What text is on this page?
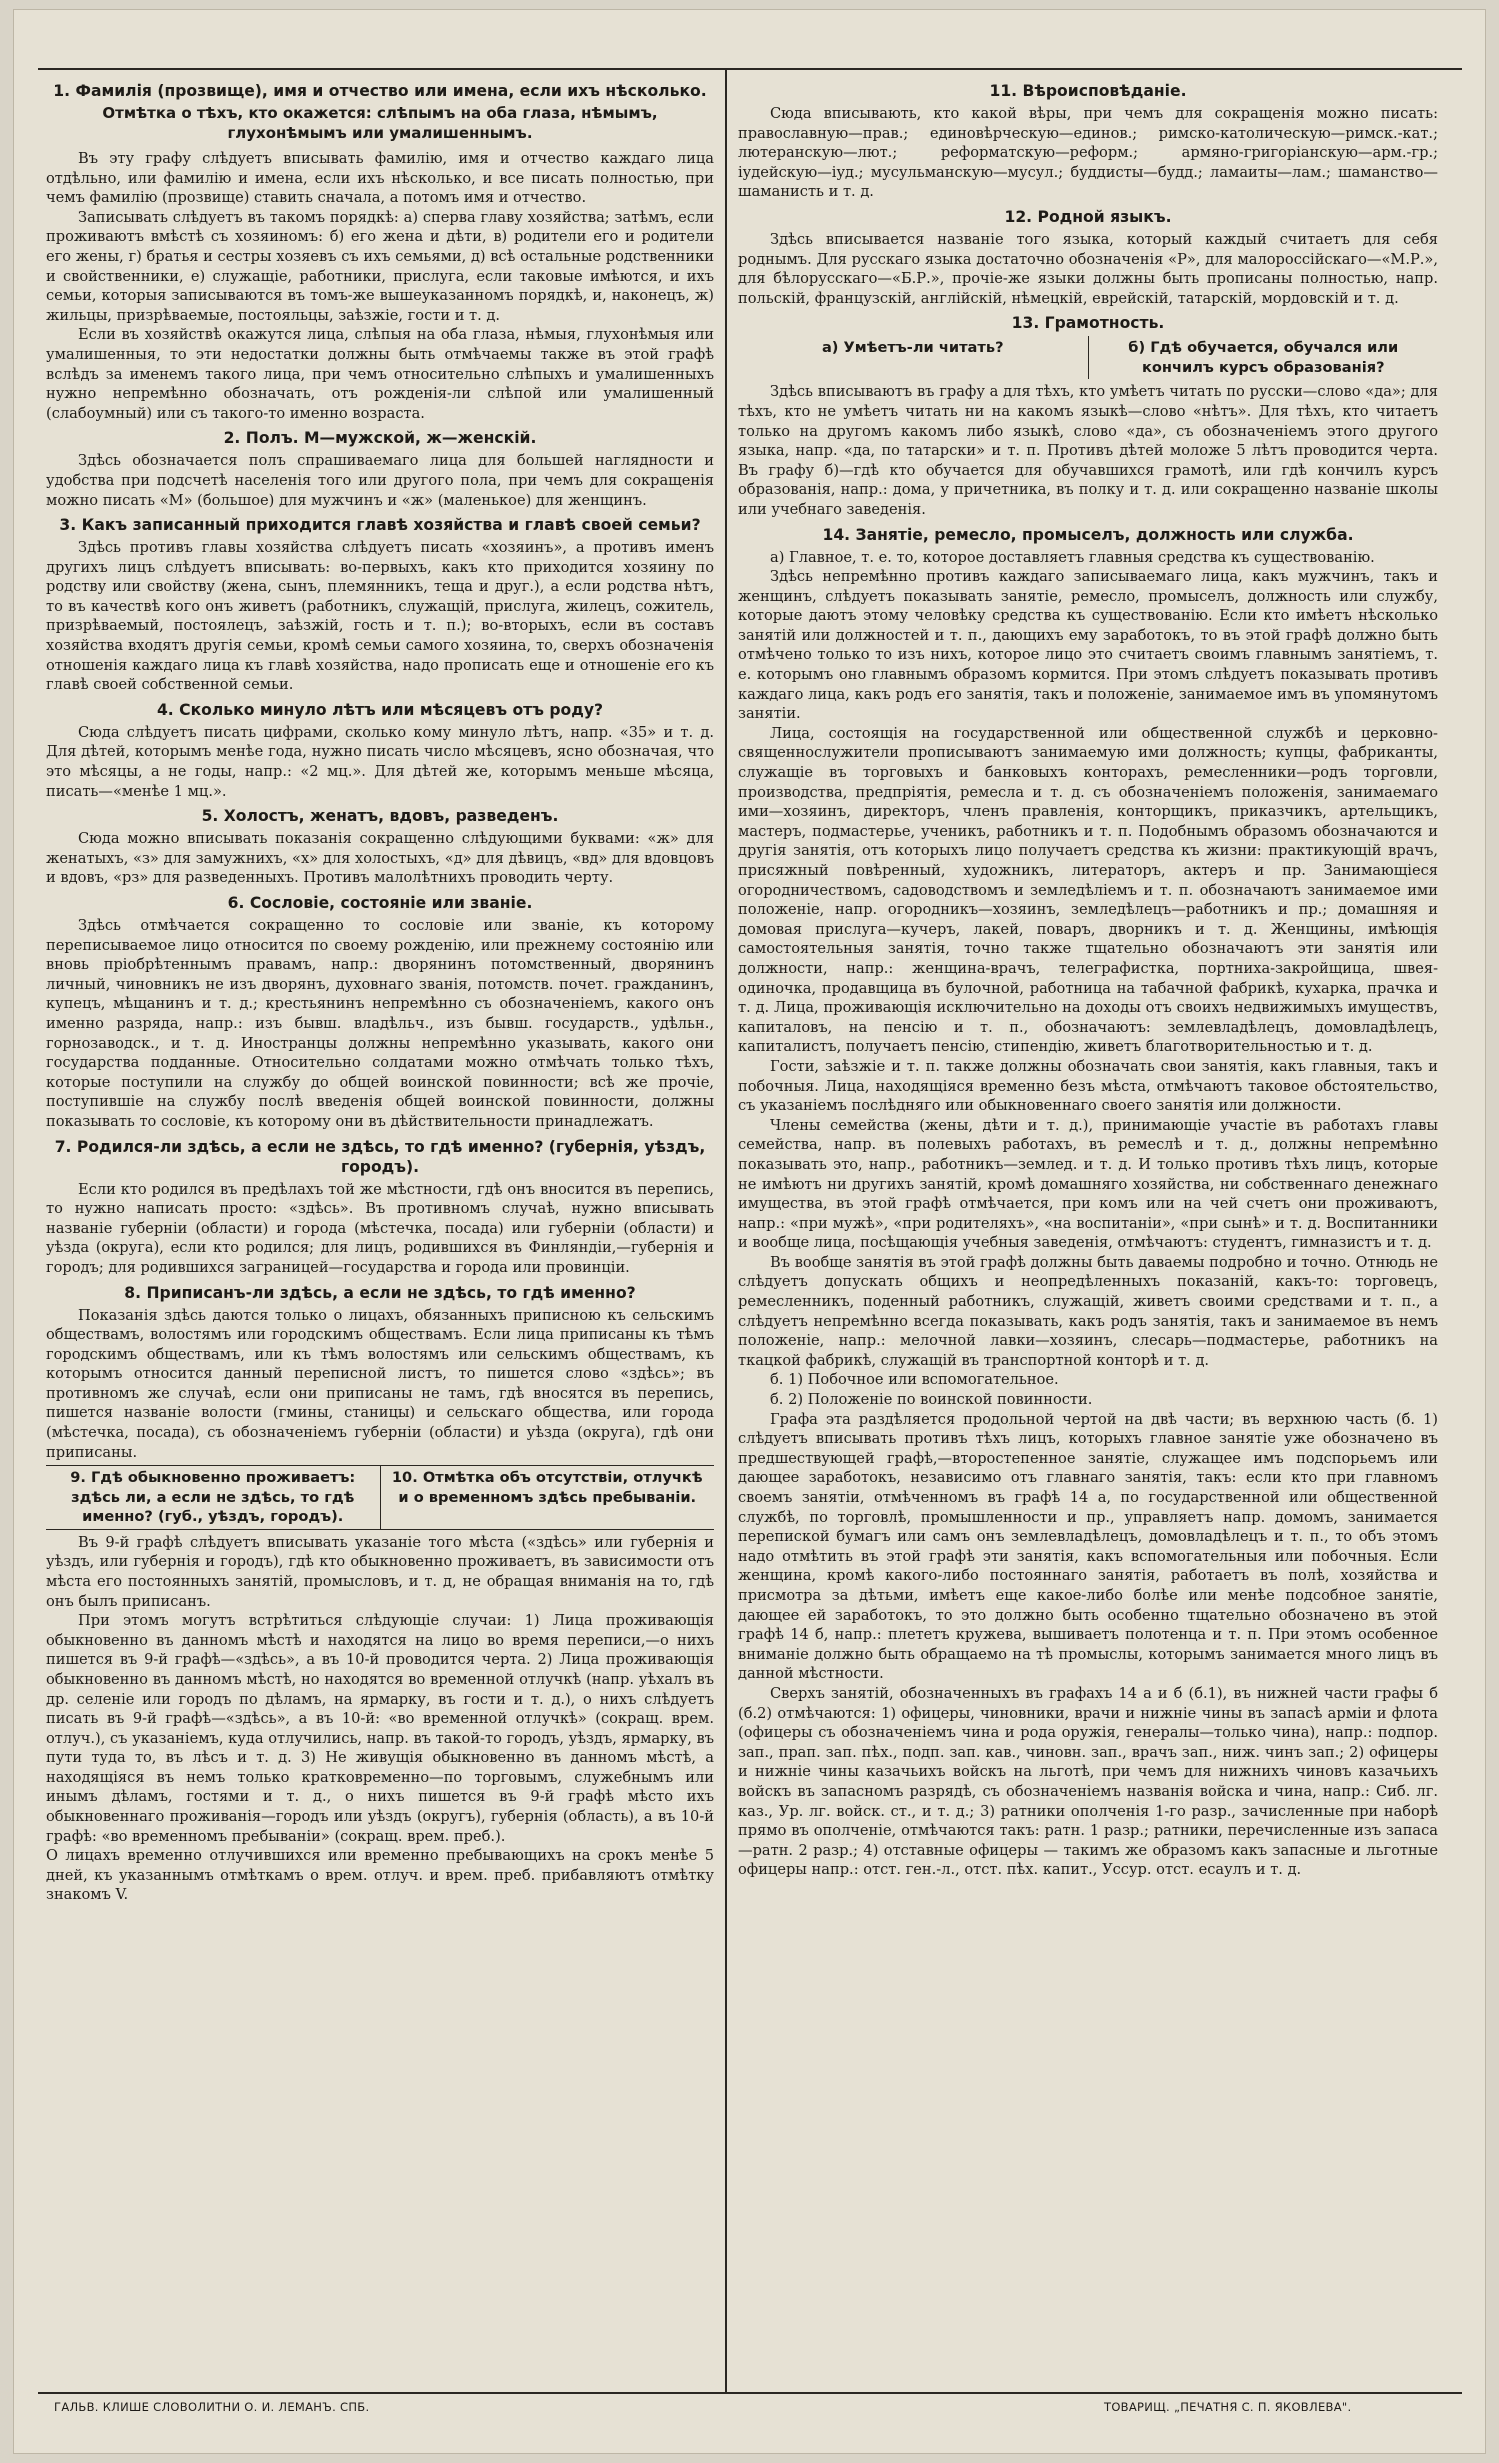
1. Фамилія (прозвище), имя и отчество или имена, если ихъ нѣсколько.
Отмѣтка о тѣхъ, кто окажется: слѣпымъ на оба глаза, нѣмымъ, глухонѣмымъ или умалишеннымъ.

Въ эту графу слѣдуетъ вписывать фамилію, имя и отчество каждаго лица отдѣльно, или фамилію и имена, если ихъ нѣсколько, и все писать полностью, при чемъ фамилію (прозвище) ставить сначала, а потомъ имя и отчество.

Записывать слѣдуетъ въ такомъ порядкѣ: а) сперва главу хозяйства; затѣмъ, если проживаютъ вмѣстѣ съ хозяиномъ: б) его жена и дѣти, в) родители его и родители его жены, г) братья и сестры хозяевъ съ ихъ семьями, д) всѣ остальные родственники и свойственники, е) служащіе, работники, прислуга, если таковые имѣются, и ихъ семьи, которыя записываются въ томъ-же вышеуказанномъ порядкѣ, и, наконецъ, ж) жильцы, призрѣваемые, постояльцы, заѣзжіе, гости и т. д.

Если въ хозяйствѣ окажутся лица, слѣпыя на оба глаза, нѣмыя, глухонѣмыя или умалишенныя, то эти недостатки должны быть отмѣчаемы также въ этой графѣ вслѣдъ за именемъ такого лица, при чемъ относительно слѣпыхъ и умалишенныхъ нужно непремѣнно обозначать, отъ рожденія-ли слѣпой или умалишенный (слабоумный) или съ такого-то именно возраста.

2. Полъ. М—мужской, ж—женскій.

Здѣсь обозначается полъ спрашиваемаго лица для большей наглядности и удобства при подсчетѣ населенія того или другого пола, при чемъ для сокращенія можно писать «М» (большое) для мужчинъ и «ж» (маленькое) для женщинъ.

3. Какъ записанный приходится главѣ хозяйства и главѣ своей семьи?

Здѣсь противъ главы хозяйства слѣдуетъ писать «хозяинъ», а противъ именъ другихъ лицъ слѣдуетъ вписывать: во-первыхъ, какъ кто приходится хозяину по родству или свойству (жена, сынъ, племянникъ, теща и друг.), а если родства нѣтъ, то въ качествѣ кого онъ живетъ (работникъ, служащій, прислуга, жилецъ, сожитель, призрѣваемый, постоялецъ, заѣзжій, гость и т. п.); во-вторыхъ, если въ составъ хозяйства входятъ другія семьи, кромѣ семьи самого хозяина, то, сверхъ обозначенія отношенія каждаго лица къ главѣ хозяйства, надо прописать еще и отношеніе его къ главѣ своей собственной семьи.

4. Сколько минуло лѣтъ или мѣсяцевъ отъ роду?

Сюда слѣдуетъ писать цифрами, сколько кому минуло лѣтъ, напр. «35» и т. д. Для дѣтей, которымъ менѣе года, нужно писать число мѣсяцевъ, ясно обозначая, что это мѣсяцы, а не годы, напр.: «2 мц.». Для дѣтей же, которымъ меньше мѣсяца, писать—«менѣе 1 мц.».

5. Холостъ, женатъ, вдовъ, разведенъ.

Сюда можно вписывать показанія сокращенно слѣдующими буквами: «ж» для женатыхъ, «з» для замужнихъ, «х» для холостыхъ, «д» для дѣвицъ, «вд» для вдовцовъ и вдовъ, «рз» для разведенныхъ. Противъ малолѣтнихъ проводить черту.

6. Сословіе, состояніе или званіе.

Здѣсь отмѣчается сокращенно то сословіе или званіе, къ которому переписываемое лицо относится по своему рожденію, или прежнему состоянію или вновь пріобрѣтеннымъ правамъ, напр.: дворянинъ потомственный, дворянинъ личный, чиновникъ не изъ дворянъ, духовнаго званія, потомств. почет. гражданинъ, купецъ, мѣщанинъ и т. д.; крестьянинъ непремѣнно съ обозначеніемъ, какого онъ именно разряда, напр.: изъ бывш. владѣльч., изъ бывш. государств., удѣльн., горнозаводск., и т. д. Иностранцы должны непремѣнно указывать, какого они государства подданные. Относительно солдатами можно отмѣчать только тѣхъ, которые поступили на службу до общей воинской повинности; всѣ же прочіе, поступившіе на службу послѣ введенія общей воинской повинности, должны показывать то сословіе, къ которому они въ дѣйствительности принадлежатъ.

7. Родился-ли здѣсь, а если не здѣсь, то гдѣ именно? (губернія, уѣздъ, городъ).

Если кто родился въ предѣлахъ той же мѣстности, гдѣ онъ вносится въ перепись, то нужно написать просто: «здѣсь». Въ противномъ случаѣ, нужно вписывать названіе губерніи (области) и города (мѣстечка, посада) или губерніи (области) и уѣзда (округа), если кто родился; для лицъ, родившихся въ Финляндіи,—губернія и городъ; для родившихся заграницей—государства и города или провинціи.

8. Приписанъ-ли здѣсь, а если не здѣсь, то гдѣ именно?

Показанія здѣсь даются только о лицахъ, обязанныхъ приписною къ сельскимъ обществамъ, волостямъ или городскимъ обществамъ. Если лица приписаны къ тѣмъ городскимъ обществамъ, или къ тѣмъ волостямъ или сельскимъ обществамъ, къ которымъ относится данный переписной листъ, то пишется слово «здѣсь»; въ противномъ же случаѣ, если они приписаны не тамъ, гдѣ вносятся въ перепись, пишется названіе волости (гмины, станицы) и сельскаго общества, или города (мѣстечка, посада), съ обозначеніемъ губерніи (области) и уѣзда (округа), гдѣ они приписаны.

9. Гдѣ обыкновенно проживаетъ: здѣсь ли, а если не здѣсь, то гдѣ именно? (губ., уѣздъ, городъ).
10. Отмѣтка объ отсутствіи, отлучкѣ и о временномъ здѣсь пребываніи.

Въ 9-й графѣ слѣдуетъ вписывать указаніе того мѣста («здѣсь» или губернія и уѣздъ, или губернія и городъ), гдѣ кто обыкновенно проживаетъ, въ зависимости отъ мѣста его постоянныхъ занятій, промысловъ, и т. д, не обращая вниманія на то, гдѣ онъ былъ приписанъ.

При этомъ могутъ встрѣтиться слѣдующіе случаи: 1) Лица проживающія обыкновенно въ данномъ мѣстѣ и находятся на лицо во время переписи,—о нихъ пишется въ 9-й графѣ—«здѣсь», а въ 10-й проводится черта. 2) Лица проживающія обыкновенно въ данномъ мѣстѣ, но находятся во временной отлучкѣ (напр. уѣхалъ въ др. селеніе или городъ по дѣламъ, на ярмарку, въ гости и т. д.), о нихъ слѣдуетъ писать въ 9-й графѣ—«здѣсь», а въ 10-й: «во временной отлучкѣ» (сокращ. врем. отлуч.), съ указаніемъ, куда отлучились, напр. въ такой-то городъ, уѣздъ, ярмарку, въ пути туда то, въ лѣсъ и т. д. 3) Не живущія обыкновенно въ данномъ мѣстѣ, а находящіяся въ немъ только кратковременно—по торговымъ, служебнымъ или инымъ дѣламъ, гостями и т. д., о нихъ пишется въ 9-й графѣ мѣсто ихъ обыкновеннаго проживанія—городъ или уѣздъ (округъ), губернія (область), а въ 10-й графѣ: «во временномъ пребываніи» (сокращ. врем. преб.).

О лицахъ временно отлучившихся или временно пребывающихъ на срокъ менѣе 5 дней, къ указаннымъ отмѣткамъ о врем. отлуч. и врем. преб. прибавляютъ отмѣтку знакомъ V.

11. Вѣроисповѣданіе.

Сюда вписывають, кто какой вѣры, при чемъ для сокращенія можно писать: православную—прав.; единовѣрческую—единов.; римско-католическую—римск.-кат.; лютеранскую—лют.; реформатскую—реформ.; армяно-григоріанскую—арм.-гр.; іудейскую—іуд.; мусульманскую—мусул.; буддисты—будд.; ламаиты—лам.; шаманство—шаманисть и т. д.

12. Родной языкъ.

Здѣсь вписывается названіе того языка, который каждый считаетъ для себя роднымъ. Для русскаго языка достаточно обозначенія «Р», для малороссійскаго—«М.Р.», для бѣлорусскаго—«Б.Р.», прочіе-же языки должны быть прописаны полностью, напр. польскій, французскій, англійскій, нѣмецкій, еврейскій, татарскій, мордовскій и т. д.

13. Грамотность.
а) Умѣетъ-ли читать?	б) Гдѣ обучается, обучался или кончилъ курсъ образованія?

Здѣсь вписываютъ въ графу а для тѣхъ, кто умѣетъ читать по русски—слово «да»; для тѣхъ, кто не умѣетъ читать ни на какомъ языкѣ—слово «нѣтъ». Для тѣхъ, кто читаетъ только на другомъ какомъ либо языкѣ, слово «да», съ обозначеніемъ этого другого языка, напр. «да, по татарски» и т. п. Противъ дѣтей моложе 5 лѣтъ проводится черта. Въ графу б)—гдѣ кто обучается для обучавшихся грамотѣ, или гдѣ кончилъ курсъ образованія, напр.: дома, у причетника, въ полку и т. д. или сокращенно названіе школы или учебнаго заведенія.

14. Занятіе, ремесло, промыселъ, должность или служба.

а) Главное, т. е. то, которое доставляетъ главныя средства къ существованію.

Здѣсь непремѣнно противъ каждаго записываемаго лица, какъ мужчинъ, такъ и женщинъ, слѣдуетъ показывать занятіе, ремесло, промыселъ, должность или службу, которые даютъ этому человѣку средства къ существованію. Если кто имѣетъ нѣсколько занятій или должностей и т. п., дающихъ ему заработокъ, то въ этой графѣ должно быть отмѣчено только то изъ нихъ, которое лицо это считаетъ своимъ главнымъ занятіемъ, т. е. которымъ оно главнымъ образомъ кормится. При этомъ слѣдуетъ показывать противъ каждаго лица, какъ родъ его занятія, такъ и положеніе, занимаемое имъ въ упомянутомъ занятіи.

Лица, состоящія на государственной или общественной службѣ и церковно-священнослужители прописываютъ занимаемую ими должность; купцы, фабриканты, служащіе въ торговыхъ и банковыхъ конторахъ, ремесленники—родъ торговли, производства, предпріятія, ремесла и т. д. съ обозначеніемъ положенія, занимаемаго ими—хозяинъ, директоръ, членъ правленія, конторщикъ, приказчикъ, артельщикъ, мастеръ, подмастерье, ученикъ, работникъ и т. п. Подобнымъ образомъ обозначаются и другія занятія, отъ которыхъ лицо получаетъ средства къ жизни: практикующій врачъ, присяжный повѣренный, художникъ, литераторъ, актеръ и пр. Занимающіеся огородничествомъ, садоводствомъ и земледѣліемъ и т. п. обозначаютъ занимаемое ими положеніе, напр. огородникъ—хозяинъ, земледѣлецъ—работникъ и пр.; домашняя и домовая прислуга—кучеръ, лакей, поваръ, дворникъ и т. д. Женщины, имѣющія самостоятельныя занятія, точно также тщательно обозначаютъ эти занятія или должности, напр.: женщина-врачъ, телеграфистка, портниха-закройщица, швея-одиночка, продавщица въ булочной, работница на табачной фабрикѣ, кухарка, прачка и т. д. Лица, проживающія исключительно на доходы отъ своихъ недвижимыхъ имуществъ, капиталовъ, на пенсію и т. п., обозначаютъ: землевладѣлецъ, домовладѣлецъ, капиталистъ, получаетъ пенсію, стипендію, живетъ благотворительностью и т. д.

Гости, заѣзжіе и т. п. также должны обозначать свои занятія, какъ главныя, такъ и побочныя. Лица, находящіяся временно безъ мѣста, отмѣчаютъ таковое обстоятельство, съ указаніемъ послѣдняго или обыкновеннаго своего занятія или должности.

Члены семейства (жены, дѣти и т. д.), принимающіе участіе въ работахъ главы семейства, напр. въ полевыхъ работахъ, въ ремеслѣ и т. д., должны непремѣнно показывать это, напр., работникъ—землед. и т. д. И только противъ тѣхъ лицъ, которые не имѣютъ ни другихъ занятій, кромѣ домашняго хозяйства, ни собственнаго денежнаго имущества, въ этой графѣ отмѣчается, при комъ или на чей счетъ они проживаютъ, напр.: «при мужѣ», «при родителяхъ», «на воспитаніи», «при сынѣ» и т. д. Воспитанники и вообще лица, посѣщающія учебныя заведенія, отмѣчаютъ: студентъ, гимназистъ и т. д.

Въ вообще занятія въ этой графѣ должны быть даваемы подробно и точно. Отнюдь не слѣдуетъ допускать общихъ и неопредѣленныхъ показаній, какъ-то: торговецъ, ремесленникъ, поденный работникъ, служащій, живетъ своими средствами и т. п., а слѣдуетъ непремѣнно всегда показывать, какъ родъ занятія, такъ и занимаемое въ немъ положеніе, напр.: мелочной лавки—хозяинъ, слесарь—подмастерье, работникъ на ткацкой фабрикѣ, служащій въ транспортной конторѣ и т. д.

б. 1) Побочное или вспомогательное.

б. 2) Положеніе по воинской повинности.

Графа эта раздѣляется продольной чертой на двѣ части; въ верхнюю часть (б. 1) слѣдуетъ вписывать противъ тѣхъ лицъ, которыхъ главное занятіе уже обозначено въ предшествующей графѣ,—второстепенное занятіе, служащее имъ подспорьемъ или дающее заработокъ, независимо отъ главнаго занятія, такъ: если кто при главномъ своемъ занятіи, отмѣченномъ въ графѣ 14 а, по государственной или общественной службѣ, по торговлѣ, промышленности и пр., управляетъ напр. домомъ, занимается перепиской бумагъ или самъ онъ землевладѣлецъ, домовладѣлецъ и т. п., то объ этомъ надо отмѣтить въ этой графѣ эти занятія, какъ вспомогательныя или побочныя. Если женщина, кромѣ какого-либо постояннаго занятія, работаетъ въ полѣ, хозяйства и присмотра за дѣтьми, имѣетъ еще какое-либо болѣе или менѣе подсобное занятіе, дающее ей заработокъ, то это должно быть особенно тщательно обозначено въ этой графѣ 14 б, напр.: плететъ кружева, вышиваетъ полотенца и т. п. При этомъ особенное вниманіе должно быть обращаемо на тѣ промыслы, которымъ занимается много лицъ въ данной мѣстности.

Сверхъ занятій, обозначенныхъ въ графахъ 14 а и б (б.1), въ нижней части графы б (б.2) отмѣчаются: 1) офицеры, чиновники, врачи и нижніе чины въ запасѣ арміи и флота (офицеры съ обозначеніемъ чина и рода оружія, генералы—только чина), напр.: подпор. зап., прап. зап. пѣх., подп. зап. кав., чиновн. зап., врачъ зап., ниж. чинъ зап.; 2) офицеры и нижніе чины казачьихъ войскъ на льготѣ, при чемъ для нижнихъ чиновъ казачьихъ войскъ въ запасномъ разрядѣ, съ обозначеніемъ названія войска и чина, напр.: Сиб. лг. каз., Ур. лг. войск. ст., и т. д.; 3) ратники ополченія 1-го разр., зачисленные при наборѣ прямо въ ополченіе, отмѣчаются такъ: ратн. 1 разр.; ратники, перечисленные изъ запаса—ратн. 2 разр.; 4) отставные офицеры — такимъ же образомъ какъ запасные и льготные офицеры напр.: отст. ген.-л., отст. пѣх. капит., Уссур. отст. есаулъ и т. д.

ГАЛЬВ. КЛИШЕ СЛОВОЛИТНИ О. И. ЛЕМАНЪ. СПБ.	ТОВАРИЩ. „ПЕЧАТНЯ С. П. ЯКОВЛЕВА".
